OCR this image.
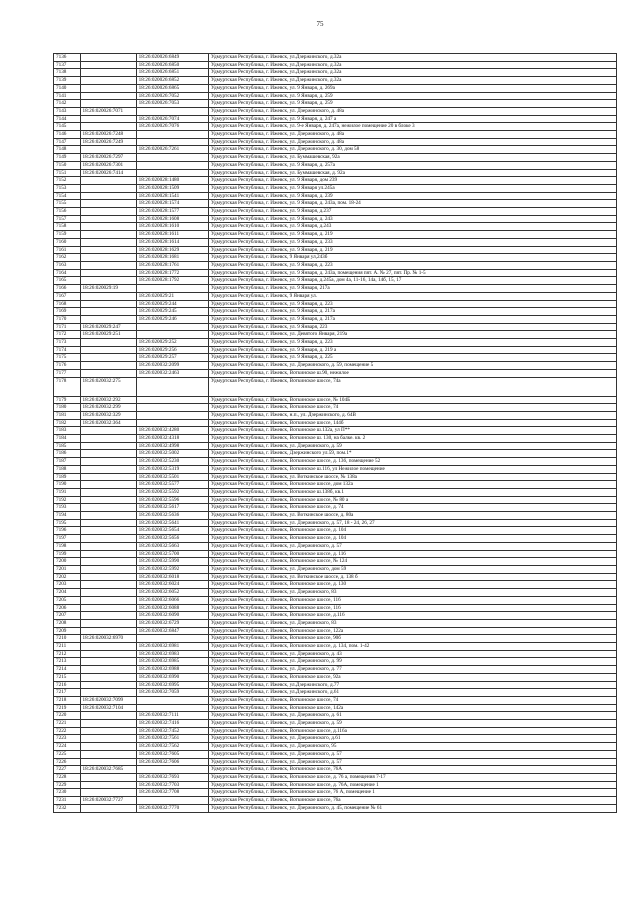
75
7136		18:26:020026:6849	Удмуртская Республика, г. Ижевск, ул.Дзержинского, д.32а
7137		18:26:020026:6850	Удмуртская Республика, г. Ижевск, ул.Дзержинского, д.32а
7138		18:26:020026:6851	Удмуртская Республика, г. Ижевск, ул.Дзержинского, д.32а
7139		18:26:020026:6852	Удмуртская Республика, г. Ижевск, ул.Дзержинского, д.32а
7140		18:26:020026:6865	Удмуртская Республика, г. Ижевск, ул. 9 Января, д. 269а
7141		18:26:020026:7052	Удмуртская Республика, г. Ижевск, ул. 9 Января, д. 259
7142		18:26:020026:7053	Удмуртская Республика, г. Ижевск, ул. 9 Января, д. 259
7143	18:26:020026:7071		Удмуртская Республика, г. Ижевск, ул. Дзержинского, д. 48а
7144		18:26:020026:7074	Удмуртская Республика, г. Ижевск, ул. 9 Января, д. 247 а
7145		18:26:020026:7076	Удмуртская Республика, г. Ижевск, ул. 9-е Января, д. 247а, нежилое помещение 20 в блоке 3
7146	18:26:020026:7248		Удмуртская Республика, г. Ижевск, ул. Дзержинского, д. 48а
7147	18:26:020026:7249		Удмуртская Республика, г. Ижевск, ул. Дзержинского, д. 48а
7148		18:26:020026:7261	Удмуртская Республика, г. Ижевск, ул. Дзержинского, д. 30, дом 58
7149	18:26:020026:7297		Удмуртская Республика, г. Ижевск, ул. Буммашевская, 92а
7150	18:26:020026:7301		Удмуртская Республика, г. Ижевск, ул. 9 Января, д. 257а
7151	18:26:020026:7414		Удмуртская Республика, г. Ижевск, ул. Буммашевская, д. 92а
7152		18:26:020028:1480	Удмуртская Республика, г. Ижевск, ул. 9 Января, дом 239
7153		18:26:020028:1509	Удмуртская Республика, г. Ижевск, ул. 9 Января ул.245а
7154		18:26:020028:1541	Удмуртская Республика, г. Ижевск, ул. 9 Января, д. 239
7155		18:26:020028:1574	Удмуртская Республика, г. Ижевск, ул. 9 Января, д. 243а, пом. 18-24
7156		18:26:020028:1577	Удмуртская Республика, г. Ижевск, ул. 9 Января, д.237
7157		18:26:020028:1608	Удмуртская Республика, г. Ижевск, ул. 9 Января, д. 243
7158		18:26:020028:1610	Удмуртская Республика, г. Ижевск, ул. 9 Января, д.243
7159		18:26:020028:1611	Удмуртская Республика, г. Ижевск, ул. 9 Января, д. 219
7160		18:26:020028:1614	Удмуртская Республика, г. Ижевск, ул. 9 Января, д. 233
7161		18:26:020028:1629	Удмуртская Республика, г. Ижевск, ул. 9 Января, д. 219
7162		18:26:020028:1681	Удмуртская Республика, г. Ижевск, 9 Января ул,243б
7163		18:26:020028:1761	Удмуртская Республика, г. Ижевск, ул. 9 Января, д. 223
7164		18:26:020028:1772	Удмуртская Республика, г. Ижевск, ул. 9 Января, д. 243а, помещения пят. А. № 27, пят. Пр. № 1-5
7165		18:26:020028:1792	Удмуртская Республика, г. Ижевск, ул. 9 Января, д.245а, дом 4а, 11-16, 14а, 14б, 15, 17
7166	18:26:020029:19		Удмуртская Республика, г. Ижевск, ул. 9 Января, 217а
7167		18:26:020029:21	Удмуртская Республика, г. Ижевск, 9 Января ул.
7168		18:26:020029:244	Удмуртская Республика, г. Ижевск, ул. 9 Января, д. 223
7169		18:26:020029:245	Удмуртская Республика, г. Ижевск, ул. 9 Января, д. 217а
7170		18:26:020029:246	Удмуртская Республика, г. Ижевск, ул. 9 Января, д. 217а
7171	18:26:020029:247		Удмуртская Республика, г. Ижевск, ул. 9 Января, 223
7172	18:26:020029:251		Удмуртская Республика, г. Ижевск, ул. Девятого Января, 219а
7173		18:26:020029:252	Удмуртская Республика, г. Ижевск, ул. 9 Января, д. 223
7174		18:26:020029:256	Удмуртская Республика, г. Ижевск, ул. 9 Января, д. 219 а
7175		18:26:020029:257	Удмуртская Республика, г. Ижевск, ул. 9 Января, д. 225
7176		18:26:020032:2099	Удмуртская Республика, г. Ижевск, ул. Дзержинского, д. 59, помещение 5
7177		18:26:020032:2463	Удмуртская Республика, г. Ижевск, Воткинское ш.90, нежилое
7178	18:26:020032:275		Удмуртская Республика, г. Ижевск, Воткинское шоссе, 74а
7179	18:26:020032:292		Удмуртская Республика, г. Ижевск, Воткинское шоссе, № 104Б
7180	18:26:020032:299		Удмуртская Республика, г. Ижевск, Воткинское шоссе, 74
7181	18:26:020032:329		Удмуртская Республика, г. Ижевск, н.п., ул. Дзержинского, д. 64В
7182	18:26:020032:364		Удмуртская Республика, г. Ижевск, Воткинское шоссе, 144б
7183		18:26:020032:4280	Удмуртская Республика, г. Ижевск, Воткинское ш.132а, ул П**
7184		18:26:020032:4318	Удмуртская Республика, г. Ижевск, Воткинское ш. 130, на балке. кв. 2
7185		18:26:020032:4998	Удмуртская Республика, г. Ижевск, ул. Дзержинского, д. 59
7186		18:26:020032:5002	Удмуртская Республика, г. Ижевск, Дзержинского ул.59, пом.1*
7187		18:26:020032:5230	Удмуртская Республика, г. Ижевск, Воткинское шоссе, д. 136, помещение 52
7188		18:26:020032:5319	Удмуртская Республика, г. Ижевск, Воткинское ш.116, ул Нежилое помещение
7189		18:26:020032:5501	Удмуртская Республика, г. Ижевск, ул. Воткинское шоссе, № 138а
7190		18:26:020032:5577	Удмуртская Республика, г. Ижевск, Воткинское шоссе, дом 132а
7191		18:26:020032:5592	Удмуртская Республика, г. Ижевск, Воткинское ш.138б, кв.1
7192		18:26:020032:5596	Удмуртская Республика, г. Ижевск, Воткинское шоссе, № 80 а
7193		18:26:020032:5617	Удмуртская Республика, г. Ижевск, Воткинское шоссе, д. 74
7194		18:26:020032:5636	Удмуртская Республика, г. Ижевск, ул. Воткинское шоссе, д. 80а
7195		18:26:020032:5641	Удмуртская Республика, г. Ижевск, ул. Дзержинского, д. 57, 18 - 24, 26, 27
7196		18:26:020032:5654	Удмуртская Республика, г. Ижевск, Воткинское шоссе, д. 104
7197		18:26:020032:5656	Удмуртская Республика, г. Ижевск, Воткинское шоссе, д. 104
7198		18:26:020032:5663	Удмуртская Республика, г. Ижевск, ул. Дзержинского, д. 57
7199		18:26:020032:5700	Удмуртская Республика, г. Ижевск, Воткинское шоссе, д. 116
7200		18:26:020032:5990	Удмуртская Республика, г. Ижевск, Воткинское шоссе, № 124
7201		18:26:020032:5992	Удмуртская Республика, г. Ижевск, ул. Дзержинского, дом 59
7202		18:26:020032:6018	Удмуртская Республика, г. Ижевск, ул. Воткинское шоссе, д. 138 б
7203		18:26:020032:6024	Удмуртская Республика, г. Ижевск, Воткинское шоссе, д. 130
7204		18:26:020032:6052	Удмуртская Республика, г. Ижевск, ул. Дзержинского, 83
7205		18:26:020032:6066	Удмуртская Республика, г. Ижевск, Воткинское шоссе, 116
7206		18:26:020032:6088	Удмуртская Республика, г. Ижевск, Воткинское шоссе, 116
7207		18:26:020032:6090	Удмуртская Республика, г. Ижевск, Воткинское шоссе, д.116
7208		18:26:020032:6729	Удмуртская Республика, г. Ижевск, ул. Дзержинского, 83
7209		18:26:020032:6847	Удмуртская Республика, г. Ижевск, Воткинское шоссе, 122а
7210	18:26:020032:6970		Удмуртская Республика, г. Ижевск, Воткинское шоссе, 90б
7211		18:26:020032:6981	Удмуртская Республика, г. Ижевск, Воткинское шоссе, д. 134, пом. 1-42
7212		18:26:020032:6983	Удмуртская Республика, г. Ижевск, ул. Дзержинского, д. 43
7213		18:26:020032:6985	Удмуртская Республика, г. Ижевск, ул. Дзержинского, д. 99
7214		18:26:020032:6988	Удмуртская Республика, г. Ижевск, ул. Дзержинского, д. 77
7215		18:26:020032:6990	Удмуртская Республика, г. Ижевск, Воткинское шоссе, 92а
7216		18:26:020032:6995	Удмуртская Республика, г. Ижевск, ул.Дзержинского, д.77
7217		18:26:020032:7059	Удмуртская Республика, г. Ижевск, ул.Дзержинского, д.61
7218	18:26:020032:7099		Удмуртская Республика, г. Ижевск, Воткинское шоссе, 74
7219	18:26:020032:7104		Удмуртская Республика, г. Ижевск, Воткинское шоссе, 142а
7220		18:26:020032:7111	Удмуртская Республика, г. Ижевск, ул. Дзержинского, д. 61
7221		18:26:020032:7416	Удмуртская Республика, г. Ижевск, ул. Дзержинского, д. 59
7222		18:26:020032:7452	Удмуртская Республика, г. Ижевск, Воткинское шоссе, д.116а
7223		18:26:020032:7561	Удмуртская Республика, г. Ижевск, ул. Дзержинского, д.61
7224		18:26:020032:7562	Удмуртская Республика, г. Ижевск, ул. Дзержинского, 95
7225		18:26:020032:7605	Удмуртская Республика, г. Ижевск, ул. Дзержинского, д. 57
7226		18:26:020032:7606	Удмуртская Республика, г. Ижевск, ул. Дзержинского, д. 57
7227	18:26:020032:7685		Удмуртская Республика, г. Ижевск, Воткинское шоссе, 76А
7228		18:26:020032:7693	Удмуртская Республика, г. Ижевск, Воткинское шоссе, д. 76 а, помещения 7-17
7229		18:26:020032:7703	Удмуртская Республика, г. Ижевск, Воткинское шоссе, д. 76А, помещение 1
7230		18:26:020032:7708	Удмуртская Республика, г. Ижевск, Воткинское шоссе, 76 А, помещение 1
7231	18:26:020032:7727		Удмуртская Республика, г. Ижевск, Воткинское шоссе, 76а
7232		18:26:020032:7770	Удмуртская Республика, г. Ижевск, ул. Дзержинского, д. 45, помещение № 61
